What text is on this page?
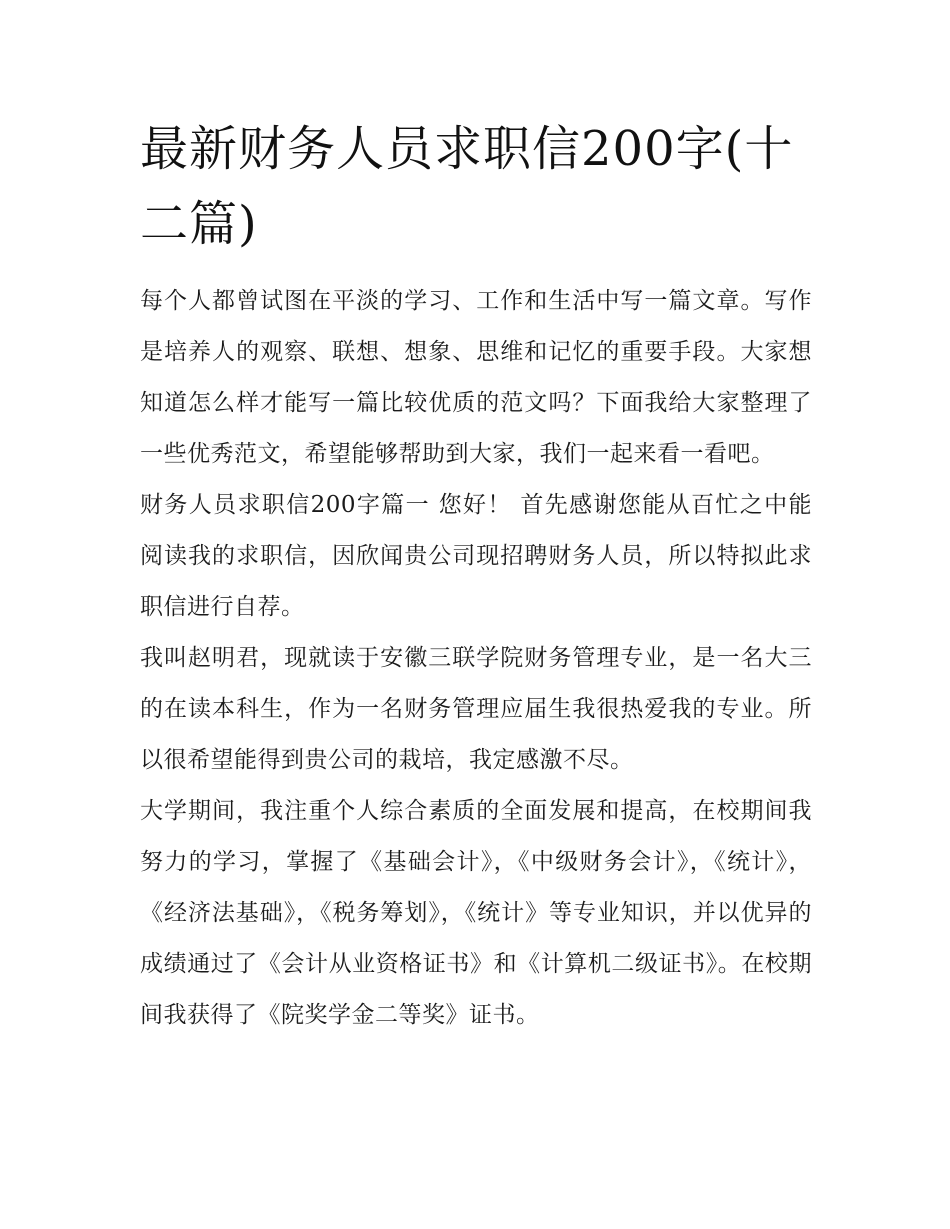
最新财务人员求职信200字(十二篇)

每个人都曾试图在平淡的学习、工作和生活中写一篇文章。写作是培养人的观察、联想、想象、思维和记忆的重要手段。大家想知道怎么样才能写一篇比较优质的范文吗？下面我给大家整理了一些优秀范文，希望能够帮助到大家，我们一起来看一看吧。

财务人员求职信200字篇一 您好！ 首先感谢您能从百忙之中能阅读我的求职信，因欣闻贵公司现招聘财务人员，所以特拟此求职信进行自荐。

我叫赵明君，现就读于安徽三联学院财务管理专业，是一名大三的在读本科生，作为一名财务管理应届生我很热爱我的专业。所以很希望能得到贵公司的栽培，我定感激不尽。

大学期间，我注重个人综合素质的全面发展和提高，在校期间我努力的学习，掌握了《基础会计》，《中级财务会计》，《统计》，《经济法基础》，《税务筹划》，《统计》等专业知识，并以优异的成绩通过了《会计从业资格证书》和《计算机二级证书》。在校期间我获得了《院奖学金二等奖》证书。
